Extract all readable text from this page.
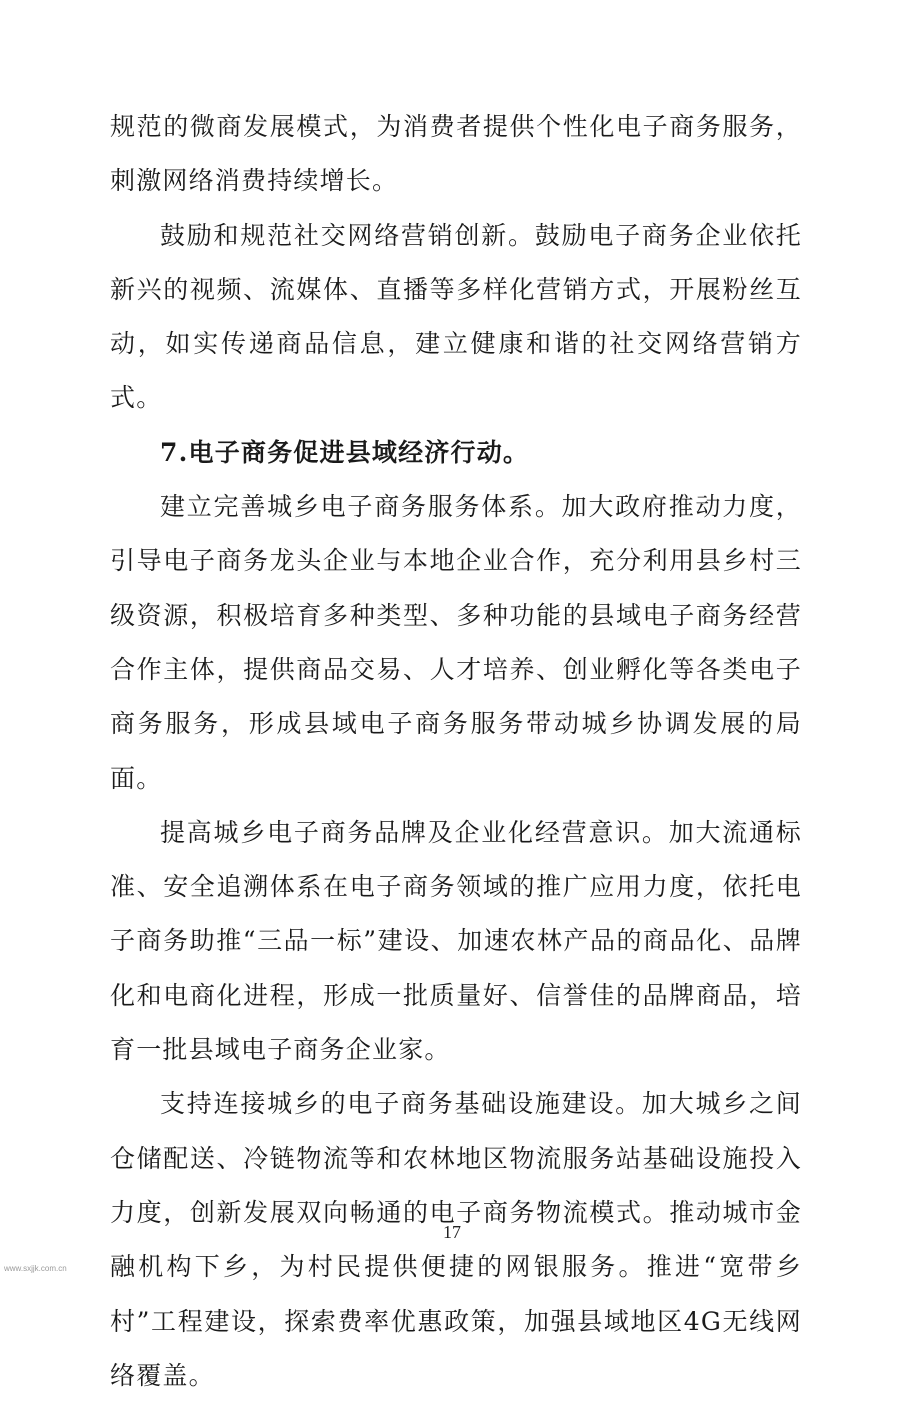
规范的微商发展模式，为消费者提供个性化电子商务服务，刺激网络消费持续增长。

鼓励和规范社交网络营销创新。鼓励电子商务企业依托新兴的视频、流媒体、直播等多样化营销方式，开展粉丝互动，如实传递商品信息，建立健康和谐的社交网络营销方式。

7.电子商务促进县域经济行动。

建立完善城乡电子商务服务体系。加大政府推动力度，引导电子商务龙头企业与本地企业合作，充分利用县乡村三级资源，积极培育多种类型、多种功能的县域电子商务经营合作主体，提供商品交易、人才培养、创业孵化等各类电子商务服务，形成县域电子商务服务带动城乡协调发展的局面。

提高城乡电子商务品牌及企业化经营意识。加大流通标准、安全追溯体系在电子商务领域的推广应用力度，依托电子商务助推“三品一标”建设、加速农林产品的商品化、品牌化和电商化进程，形成一批质量好、信誉佳的品牌商品，培育一批县域电子商务企业家。

支持连接城乡的电子商务基础设施建设。加大城乡之间仓储配送、冷链物流等和农林地区物流服务站基础设施投入力度，创新发展双向畅通的电子商务物流模式。推动城市金融机构下乡，为村民提供便捷的网银服务。推进“宽带乡村”工程建设，探索费率优惠政策，加强县域地区4G无线网络覆盖。

17
www.sxjjk.com.cn
